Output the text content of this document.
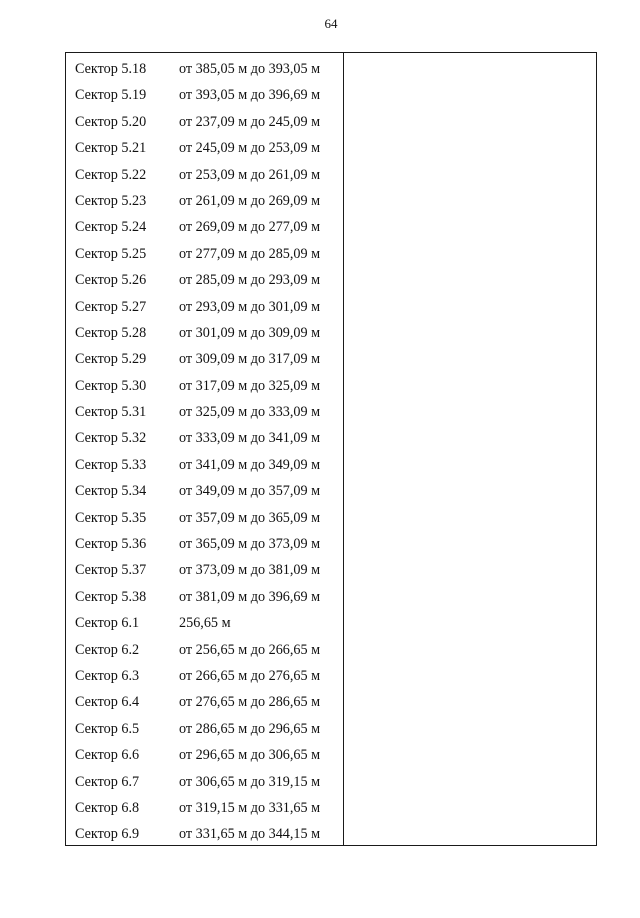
64
Сектор 5.18 от 385,05 м до 393,05 м
Сектор 5.19 от 393,05 м до 396,69 м
Сектор 5.20 от 237,09 м до 245,09 м
Сектор 5.21 от 245,09 м до 253,09 м
Сектор 5.22 от 253,09 м до 261,09 м
Сектор 5.23 от 261,09 м до 269,09 м
Сектор 5.24 от 269,09 м до 277,09 м
Сектор 5.25 от 277,09 м до 285,09 м
Сектор 5.26 от 285,09 м до 293,09 м
Сектор 5.27 от 293,09 м до 301,09 м
Сектор 5.28 от 301,09 м до 309,09 м
Сектор 5.29 от 309,09 м до 317,09 м
Сектор 5.30 от 317,09 м до 325,09 м
Сектор 5.31 от 325,09 м до 333,09 м
Сектор 5.32 от 333,09 м до 341,09 м
Сектор 5.33 от 341,09 м до 349,09 м
Сектор 5.34 от 349,09 м до 357,09 м
Сектор 5.35 от 357,09 м до 365,09 м
Сектор 5.36 от 365,09 м до 373,09 м
Сектор 5.37 от 373,09 м до 381,09 м
Сектор 5.38 от 381,09 м до 396,69 м
Сектор 6.1	256,65 м
Сектор 6.2	от 256,65 м до 266,65 м
Сектор 6.3	от 266,65 м до 276,65 м
Сектор 6.4	от 276,65 м до 286,65 м
Сектор 6.5	от 286,65 м до 296,65 м
Сектор 6.6	от 296,65 м до 306,65 м
Сектор 6.7	от 306,65 м до 319,15 м
Сектор 6.8	от 319,15 м до 331,65 м
Сектор 6.9	от 331,65 м до 344,15 м
